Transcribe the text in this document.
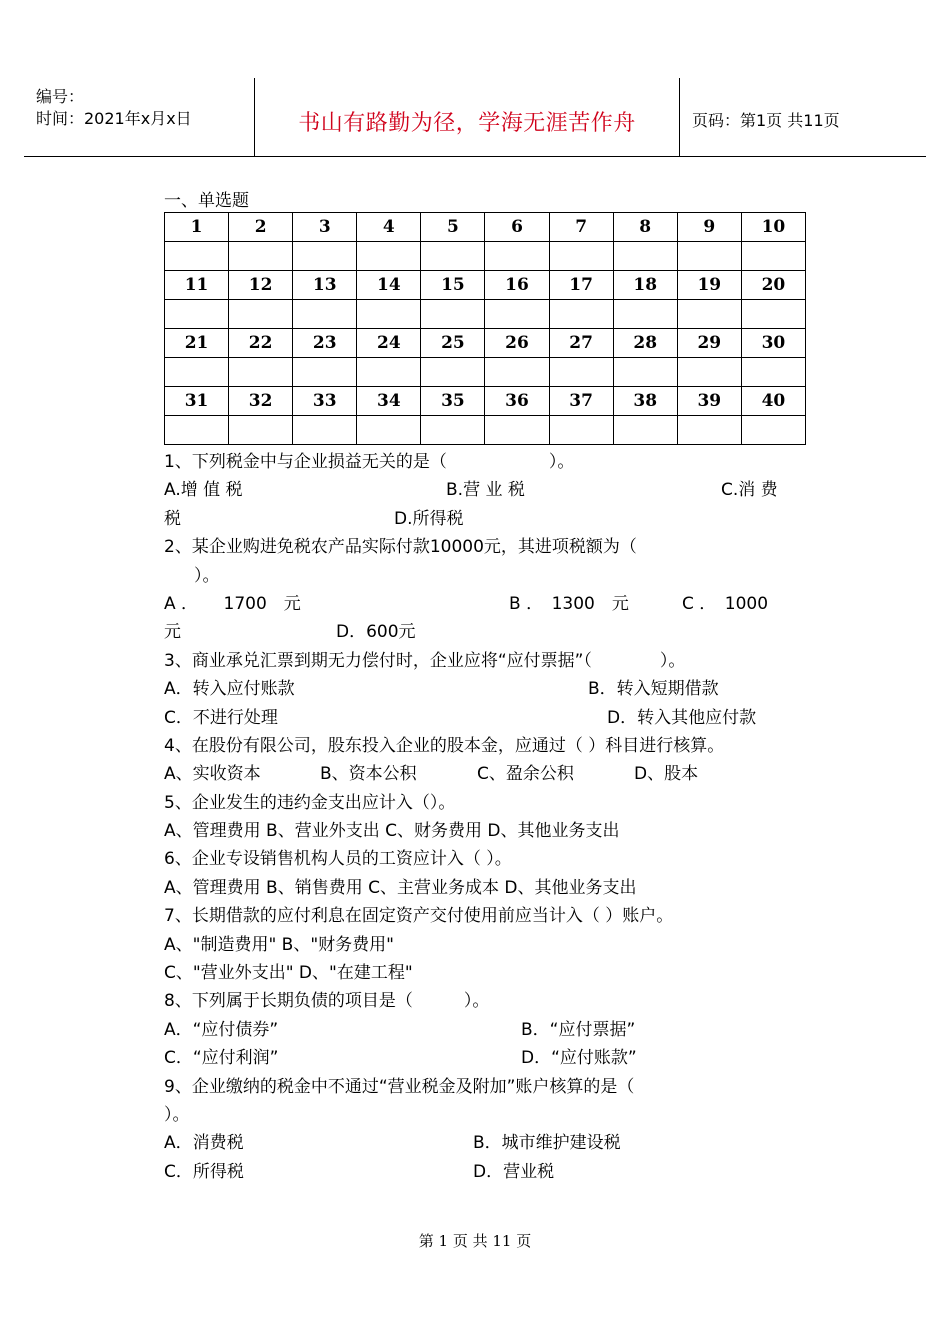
编号：
时间：2021年x月x日	书山有路勤为径，学海无涯苦作舟	页码：第1页 共11页
一、单选题
1	2	3	4	5	6	7	8	9	10

11	12	13	14	15	16	17	18	19	20

21	22	23	24	25	26	27	28	29	30

31	32	33	34	35	36	37	38	39	40

1、下列税金中与企业损益无关的是（　　　　　　）。
A.增 值 税	B.营 业 税	C.消 费
税	D.所得税
2、某企业购进免税农产品实际付款10000元，其进项税额为（
）。
A ．　　1700　元	B ．　1300　元	C ．　1000
元	D．600元
3、商业承兑汇票到期无力偿付时，企业应将“应付票据”（　　　　）。
A．转入应付账款	B．转入短期借款
C．不进行处理	D．转入其他应付款
4、在股份有限公司，股东投入企业的股本金，应通过（ ）科目进行核算。
A、实收资本	B、资本公积	C、盈余公积	D、股本
5、企业发生的违约金支出应计入（）。
A、管理费用 B、营业外支出 C、财务费用 D、其他业务支出
6、企业专设销售机构人员的工资应计入（ ）。
A、管理费用 B、销售费用 C、主营业务成本 D、其他业务支出
7、长期借款的应付利息在固定资产交付使用前应当计入（ ）账户。
A、"制造费用" B、"财务费用"
C、"营业外支出" D、"在建工程"
8、下列属于长期负债的项目是（　　　）。
A．“应付债券”	B．“应付票据”
C．“应付利润”	D．“应付账款”
9、企业缴纳的税金中不通过“营业税金及附加”账户核算的是（
）。
A．消费税	B．城市维护建设税
C．所得税	D．营业税
第 1 页 共 11 页
